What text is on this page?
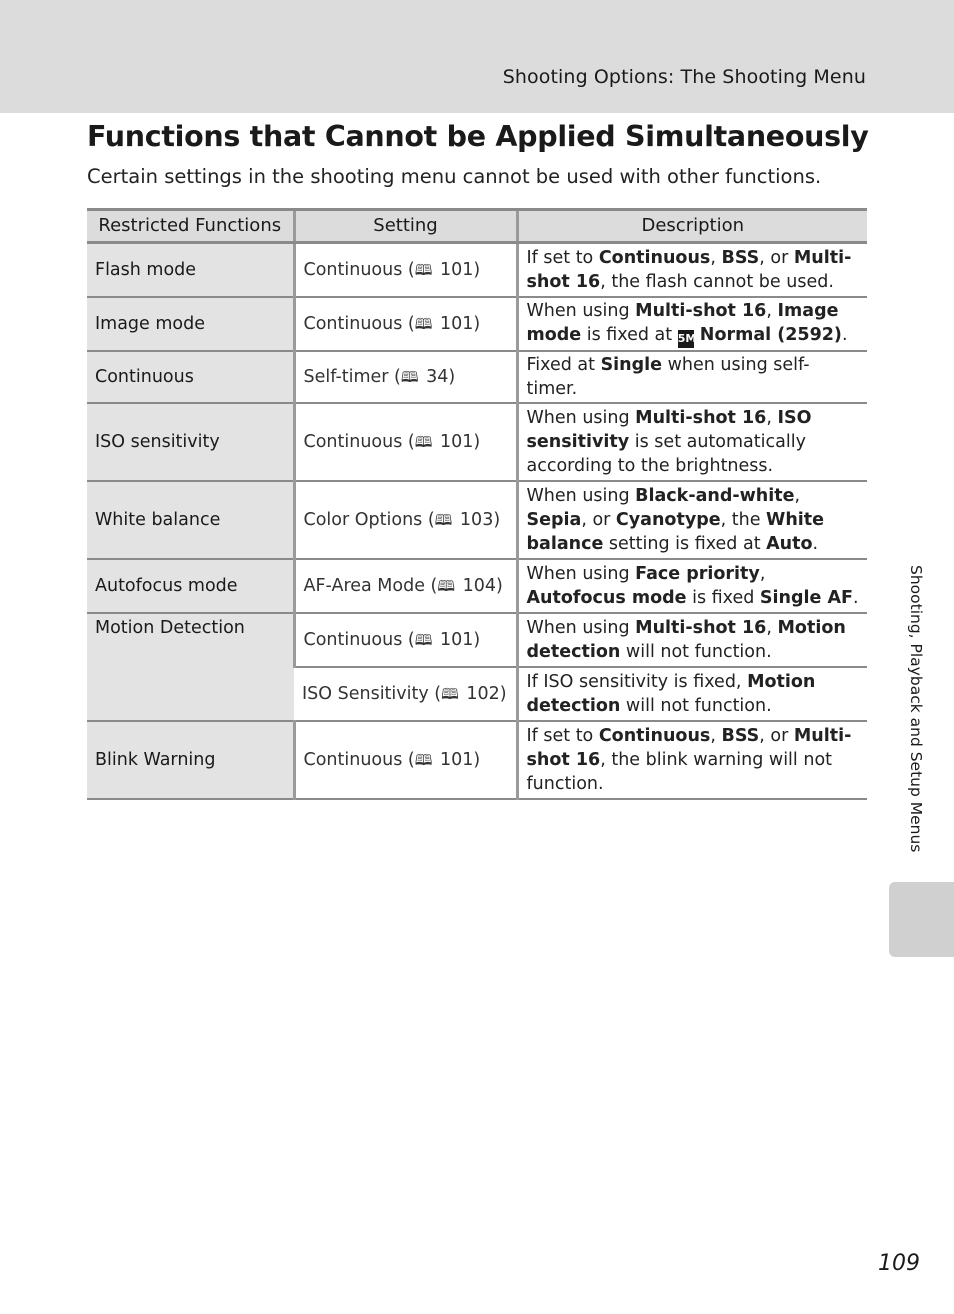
Shooting Options: The Shooting Menu
Functions that Cannot be Applied Simultaneously

Certain settings in the shooting menu cannot be used with other functions.

Restricted Functions	Setting	Description
Flash mode	Continuous (🕮 101)	If set to Continuous, BSS, or Multi-shot 16, the flash cannot be used.
Image mode	Continuous (🕮 101)	When using Multi-shot 16, Image mode is fixed at 5M Normal (2592).
Continuous	Self-timer (🕮 34)	Fixed at Single when using self-timer.
ISO sensitivity	Continuous (🕮 101)	When using Multi-shot 16, ISO sensitivity is set automatically according to the brightness.
White balance	Color Options (🕮 103)	When using Black-and-white, Sepia, or Cyanotype, the White balance setting is fixed at Auto.
Autofocus mode	AF-Area Mode (🕮 104)	When using Face priority, Autofocus mode is fixed Single AF.
Motion Detection	Continuous (🕮 101)	When using Multi-shot 16, Motion detection will not function.
	ISO Sensitivity (🕮 102)	If ISO sensitivity is fixed, Motion detection will not function.
Blink Warning	Continuous (🕮 101)	If set to Continuous, BSS, or Multi-shot 16, the blink warning will not function.	Shooting, Playback and Setup Menus
109
